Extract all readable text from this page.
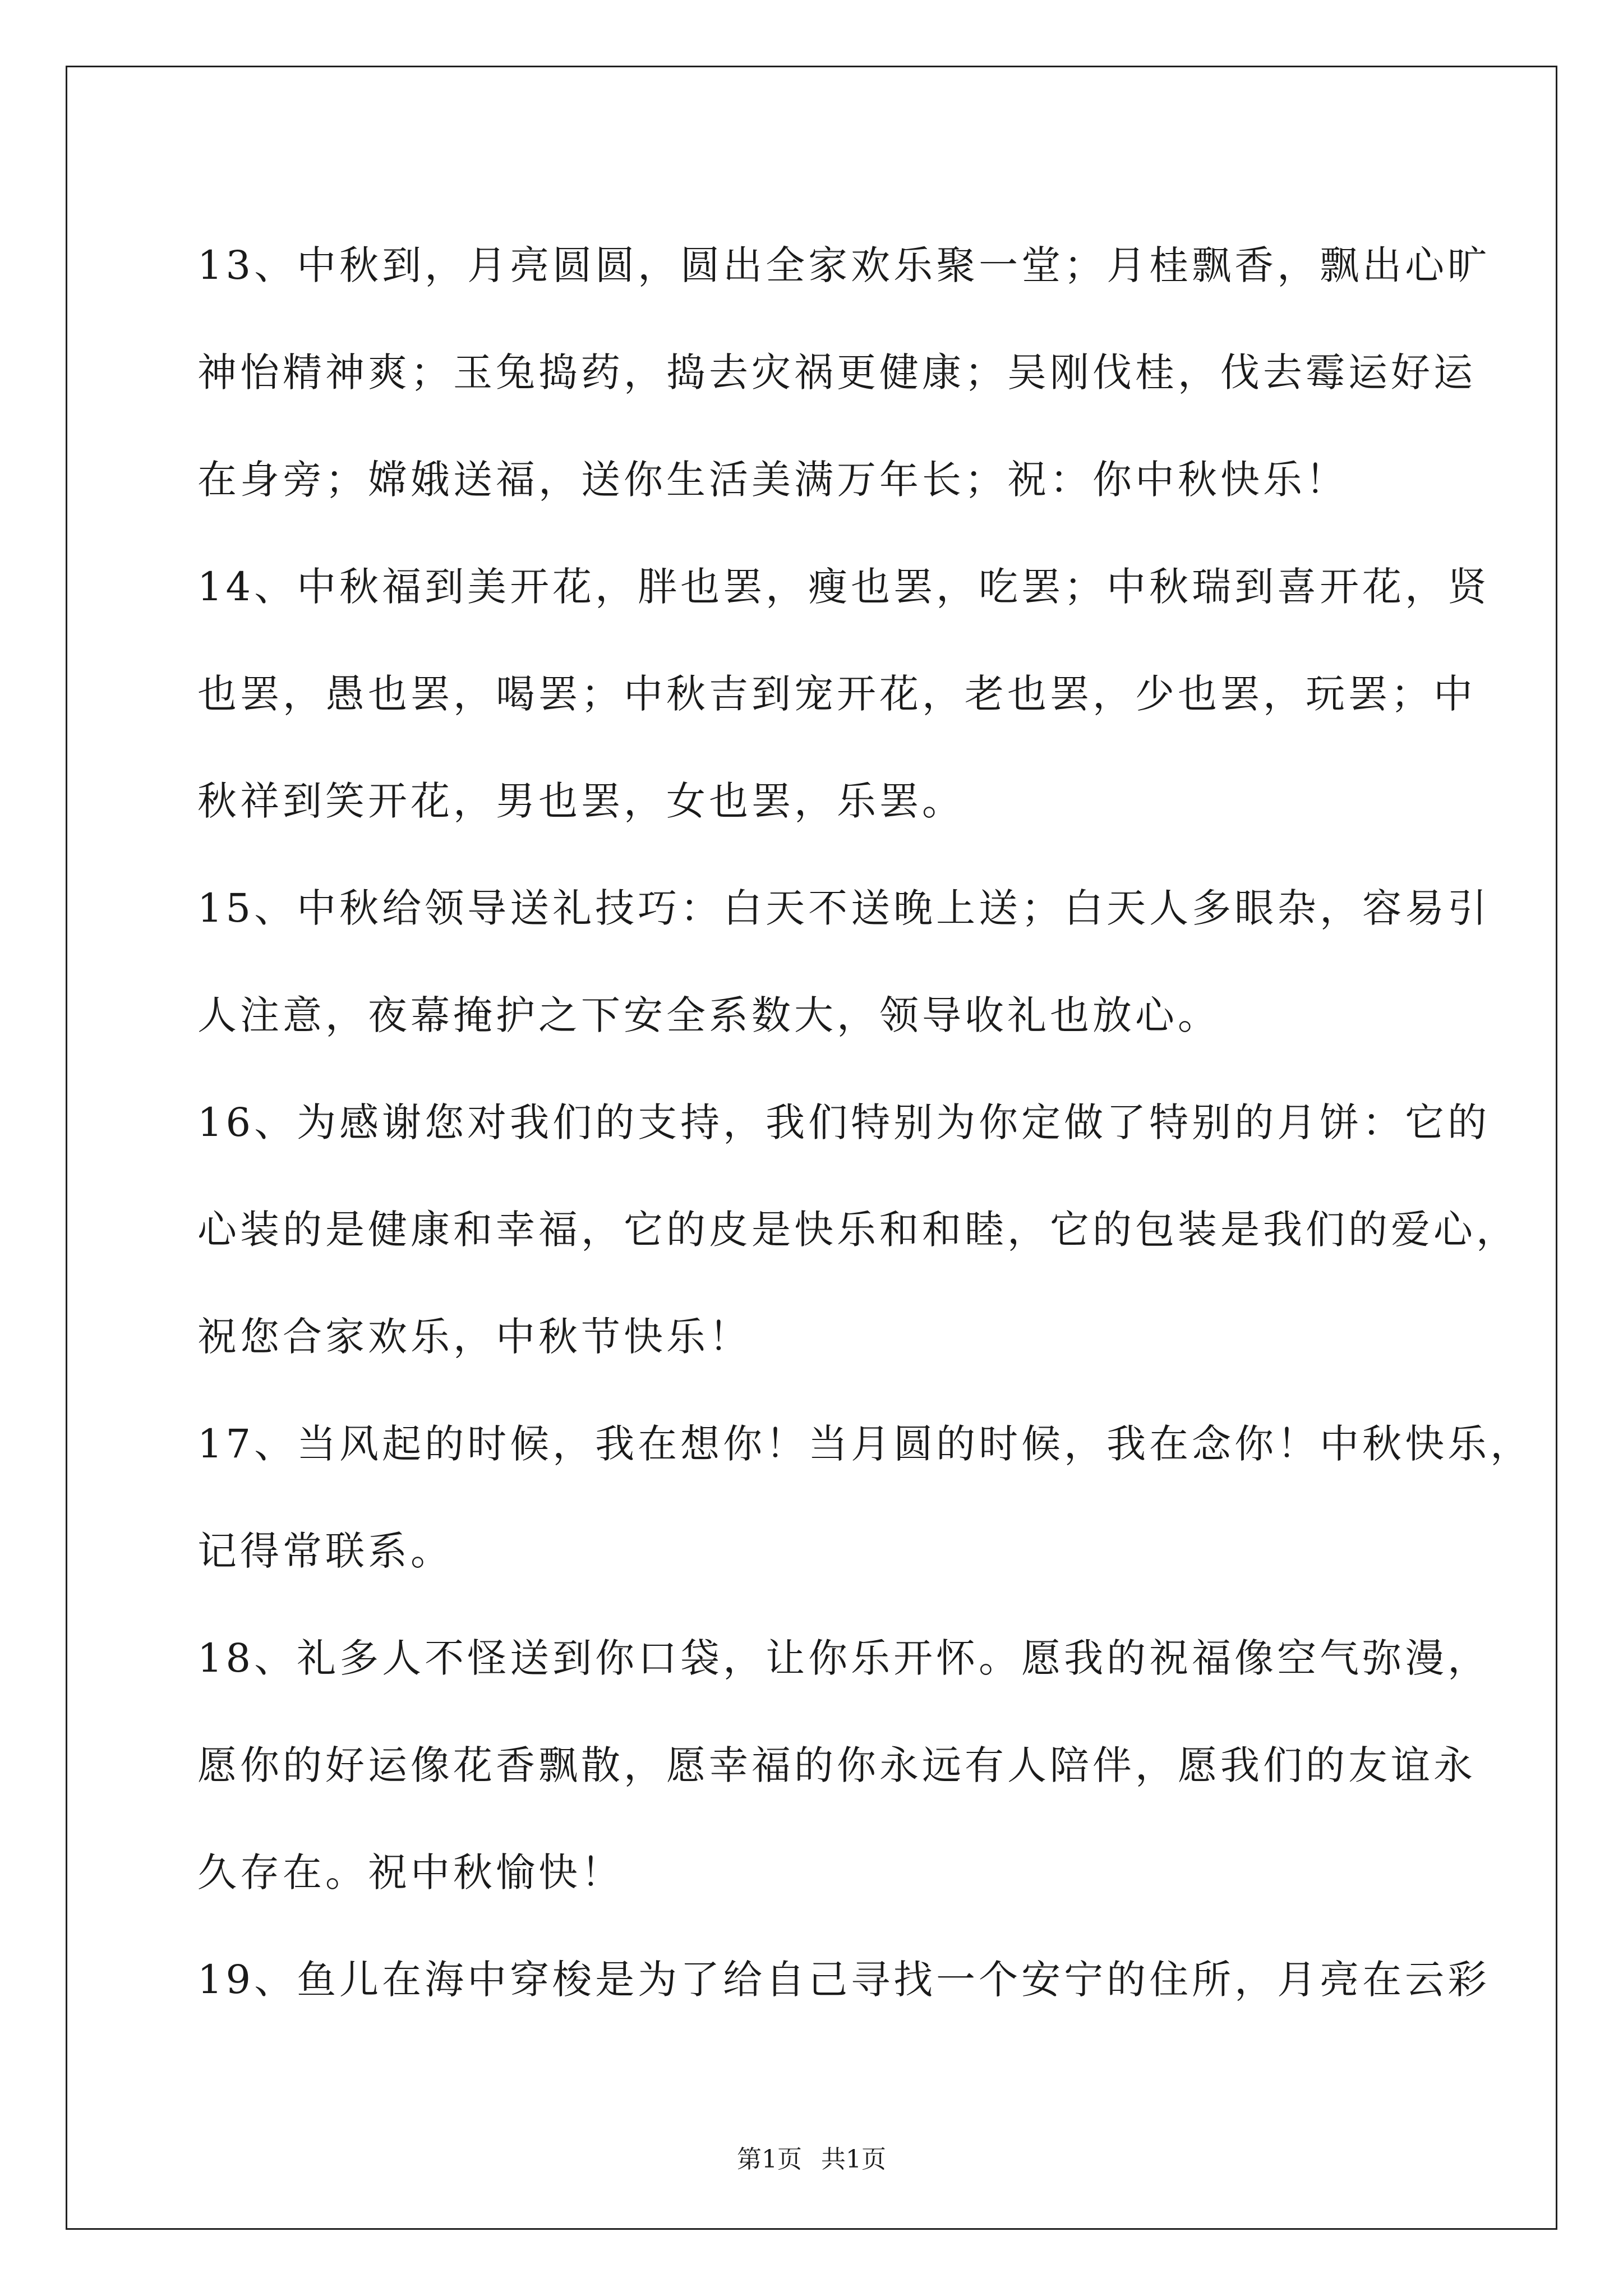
13、中秋到，月亮圆圆，圆出全家欢乐聚一堂；月桂飘香，飘出心旷

神怡精神爽；玉兔捣药，捣去灾祸更健康；吴刚伐桂，伐去霉运好运

在身旁；嫦娥送福，送你生活美满万年长；祝：你中秋快乐！

14、中秋福到美开花，胖也罢，瘦也罢，吃罢；中秋瑞到喜开花，贤

也罢，愚也罢，喝罢；中秋吉到宠开花，老也罢，少也罢，玩罢；中

秋祥到笑开花，男也罢，女也罢，乐罢。

15、中秋给领导送礼技巧：白天不送晚上送；白天人多眼杂，容易引

人注意，夜幕掩护之下安全系数大，领导收礼也放心。

16、为感谢您对我们的支持，我们特别为你定做了特别的月饼：它的

心装的是健康和幸福，它的皮是快乐和和睦，它的包装是我们的爱心，

祝您合家欢乐，中秋节快乐！

17、当风起的时候，我在想你！当月圆的时候，我在念你！中秋快乐，

记得常联系。

18、礼多人不怪送到你口袋，让你乐开怀。愿我的祝福像空气弥漫，

愿你的好运像花香飘散，愿幸福的你永远有人陪伴，愿我们的友谊永

久存在。祝中秋愉快！

19、鱼儿在海中穿梭是为了给自己寻找一个安宁的住所，月亮在云彩

第1页 共1页
